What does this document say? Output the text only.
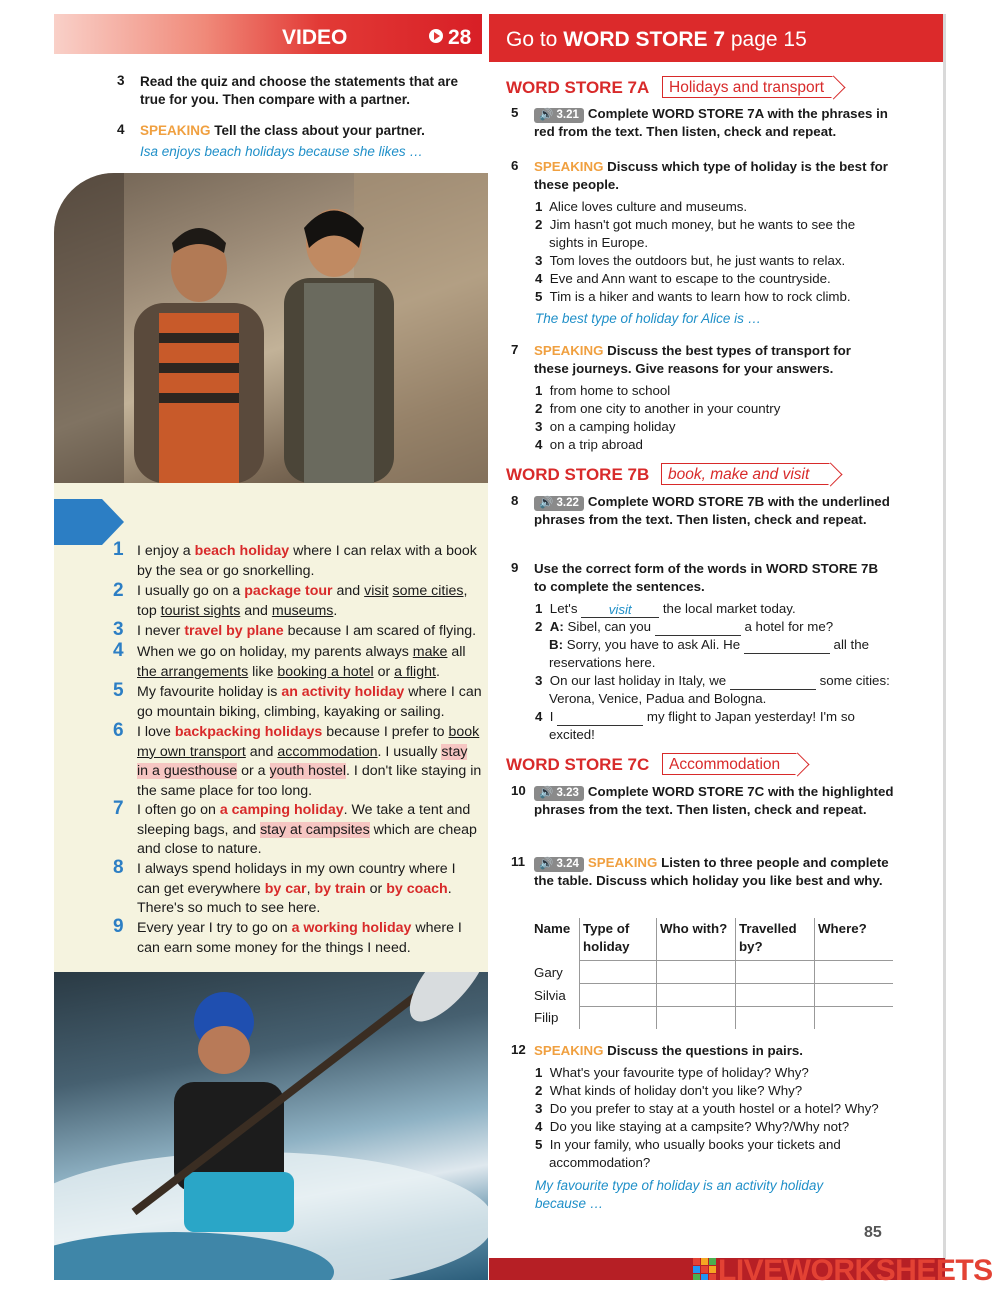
VIDEO	28 Go to WORD STORE 7 page 15
3 Read the quiz and choose the statements that are true for you. Then compare with a partner.
4 SPEAKING Tell the class about your partner.
Isa enjoys beach holidays because she likes …
1 I enjoy a beach holiday where I can relax with a book by the sea or go snorkelling.
2 I usually go on a package tour and visit some cities, top tourist sights and museums.
3 I never travel by plane because I am scared of flying.
4 When we go on holiday, my parents always make all the arrangements like booking a hotel or a flight.
5 My favourite holiday is an activity holiday where I can go mountain biking, climbing, kayaking or sailing.
6 I love backpacking holidays because I prefer to book my own transport and accommodation. I usually stay in a guesthouse or a youth hostel. I don't like staying in the same place for too long.
7 I often go on a camping holiday. We take a tent and sleeping bags, and stay at campsites which are cheap and close to nature.
8 I always spend holidays in my own country where I can get everywhere by car, by train or by coach. There's so much to see here.
9 Every year I try to go on a working holiday where I can earn some money for the things I need.
WORD STORE 7A	Holidays and transport
5	🔊 3.21 Complete WORD STORE 7A with the phrases in red from the text. Then listen, check and repeat.
6 SPEAKING Discuss which type of holiday is the best for these people.
1 Alice loves culture and museums.
2 Jim hasn't got much money, but he wants to see the sights in Europe.
3 Tom loves the outdoors but, he just wants to relax.
4 Eve and Ann want to escape to the countryside.
5 Tim is a hiker and wants to learn how to rock climb.
The best type of holiday for Alice is …
7 SPEAKING Discuss the best types of transport for these journeys. Give reasons for your answers.
1 from home to school
2 from one city to another in your country
3 on a camping holiday
4 on a trip abroad
WORD STORE 7B	book, make and visit
8	🔊 3.22 Complete WORD STORE 7B with the underlined phrases from the text. Then listen, check and repeat.
9 Use the correct form of the words in WORD STORE 7B to complete the sentences.
1 Let's visit the local market today.
2 A: Sibel, can you	a hotel for me?
B: Sorry, you have to ask Ali. He	all the reservations here.
3 On our last holiday in Italy, we	some cities: Verona, Venice, Padua and Bologna.
4 I	my flight to Japan yesterday! I'm so excited!
WORD STORE 7C	Accommodation
10	🔊 3.23 Complete WORD STORE 7C with the highlighted phrases from the text. Then listen, check and repeat.
11	🔊 3.24 SPEAKING Listen to three people and complete the table. Discuss which holiday you like best and why.
Name	Type of holiday	Who with?	Travelled by?	Where?
Gary				
Silvia				
Filip				
12 SPEAKING Discuss the questions in pairs.
1 What's your favourite type of holiday? Why?
2 What kinds of holiday don't you like? Why?
3 Do you prefer to stay at a youth hostel or a hotel? Why?
4 Do you like staying at a campsite? Why?/Why not?
5 In your family, who usually books your tickets and accommodation?
My favourite type of holiday is an activity holiday because …
85
LIVEWORKSHEETS
